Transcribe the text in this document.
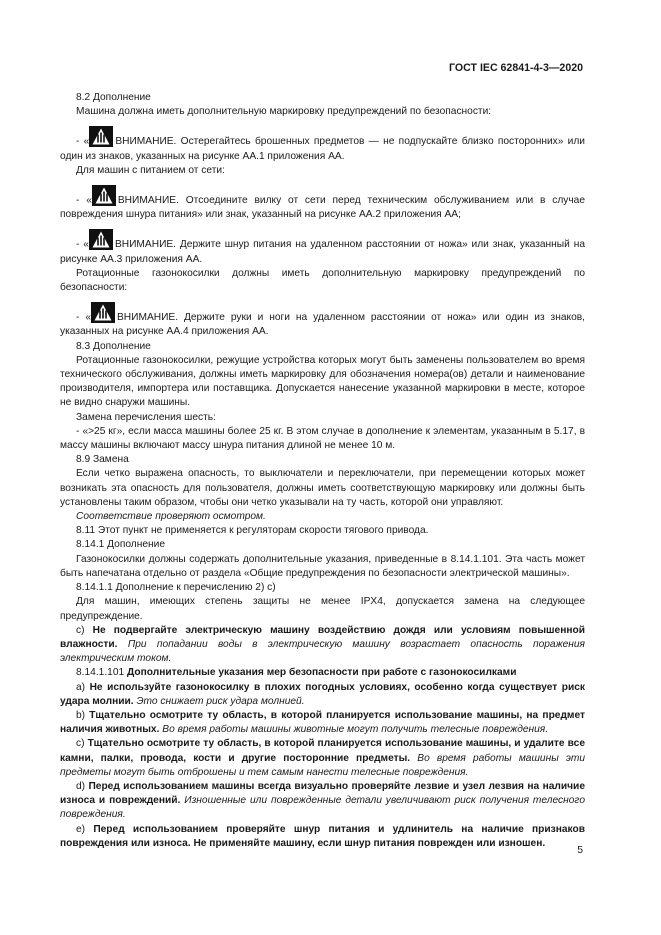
ГОСТ IEC 62841-4-3—2020

8.2 Дополнение

Машина должна иметь дополнительную маркировку предупреждений по безопасности:

- «	ВНИМАНИЕ. Остерегайтесь брошенных предметов — не подпускайте близко посторонних» или один из знаков, указанных на рисунке АА.1 приложения АА.

Для машин с питанием от сети:

- «	ВНИМАНИЕ. Отсоедините вилку от сети перед техническим обслуживанием или в случае повреждения шнура питания» или знак, указанный на рисунке АА.2 приложения АА;

- «	ВНИМАНИЕ. Держите шнур питания на удаленном расстоянии от ножа» или знак, указанный на рисунке АА.3 приложения АА.

Ротационные газонокосилки должны иметь дополнительную маркировку предупреждений по безопасности:

- «	ВНИМАНИЕ. Держите руки и ноги на удаленном расстоянии от ножа» или один из знаков, указанных на рисунке АА.4 приложения АА.

8.3 Дополнение

Ротационные газонокосилки, режущие устройства которых могут быть заменены пользователем во время технического обслуживания, должны иметь маркировку для обозначения номера(ов) детали и наименование производителя, импортера или поставщика. Допускается нанесение указанной маркировки в месте, которое не видно снаружи машины.

Замена перечисления шесть:

- «>25 кг», если масса машины более 25 кг. В этом случае в дополнение к элементам, указанным в 5.17, в массу машины включают массу шнура питания длиной не менее 10 м.

8.9 Замена

Если четко выражена опасность, то выключатели и переключатели, при перемещении которых может возникать эта опасность для пользователя, должны иметь соответствующую маркировку или должны быть установлены таким образом, чтобы они четко указывали на ту часть, которой они управляют.

Соответствие проверяют осмотром.

8.11 Этот пункт не применяется к регуляторам скорости тягового привода.

8.14.1 Дополнение

Газонокосилки должны содержать дополнительные указания, приведенные в 8.14.1.101. Эта часть может быть напечатана отдельно от раздела «Общие предупреждения по безопасности электрической машины».

8.14.1.1 Дополнение к перечислению 2) с)

Для машин, имеющих степень защиты не менее IPX4, допускается замена на следующее предупреждение.

с) Не подвергайте электрическую машину воздействию дождя или условиям повышенной влажности. При попадании воды в электрическую машину возрастает опасность поражения электрическим током.

8.14.1.101 Дополнительные указания мер безопасности при работе с газонокосилками

a) Не используйте газонокосилку в плохих погодных условиях, особенно когда существует риск удара молнии. Это снижает риск удара молнией.

b) Тщательно осмотрите ту область, в которой планируется использование машины, на предмет наличия животных. Во время работы машины животные могут получить телесные повреждения.

c) Тщательно осмотрите ту область, в которой планируется использование машины, и удалите все камни, палки, провода, кости и другие посторонние предметы. Во время работы машины эти предметы могут быть отброшены и тем самым нанести телесные повреждения.

d) Перед использованием машины всегда визуально проверяйте лезвие и узел лезвия на наличие износа и повреждений. Изношенные или поврежденные детали увеличивают риск получения телесного повреждения.

e) Перед использованием проверяйте шнур питания и удлинитель на наличие признаков повреждения или износа. Не применяйте машину, если шнур питания поврежден или изношен.

5
